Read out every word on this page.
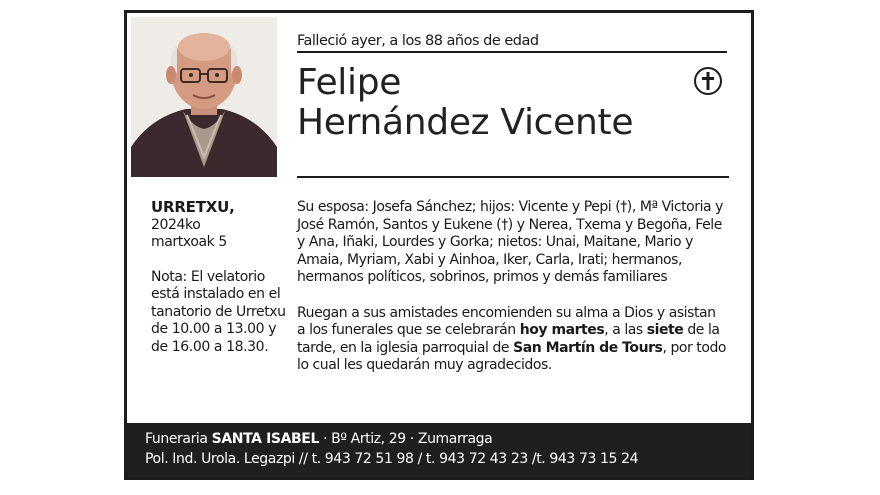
Falleció ayer, a los 88 años de edad
Felipe
Hernández Vicente
URRETXU,
2024ko
martxoak 5
Nota: El velatorio está instalado en el tanatorio de Urretxu de 10.00 a 13.00 y de 16.00 a 18.30.

Su esposa: Josefa Sánchez; hijos: Vicente y Pepi (†), Mª Victoria y José Ramón, Santos y Eukene (†) y Nerea, Txema y Begoña, Fele y Ana, Iñaki, Lourdes y Gorka; nietos: Unai, Maitane, Mario y Amaia, Myriam, Xabi y Ainhoa, Iker, Carla, Irati; hermanos, hermanos políticos, sobrinos, primos y demás familiares

Ruegan a sus amistades encomienden su alma a Dios y asistan a los funerales que se celebrarán hoy martes, a las siete de la tarde, en la iglesia parroquial de San Martín de Tours, por todo lo cual les quedarán muy agradecidos.

Funeraria SANTA ISABEL · Bº Artiz, 29 · Zumarraga
Pol. Ind. Urola. Legazpi // t. 943 72 51 98 / t. 943 72 43 23 /t. 943 73 15 24
